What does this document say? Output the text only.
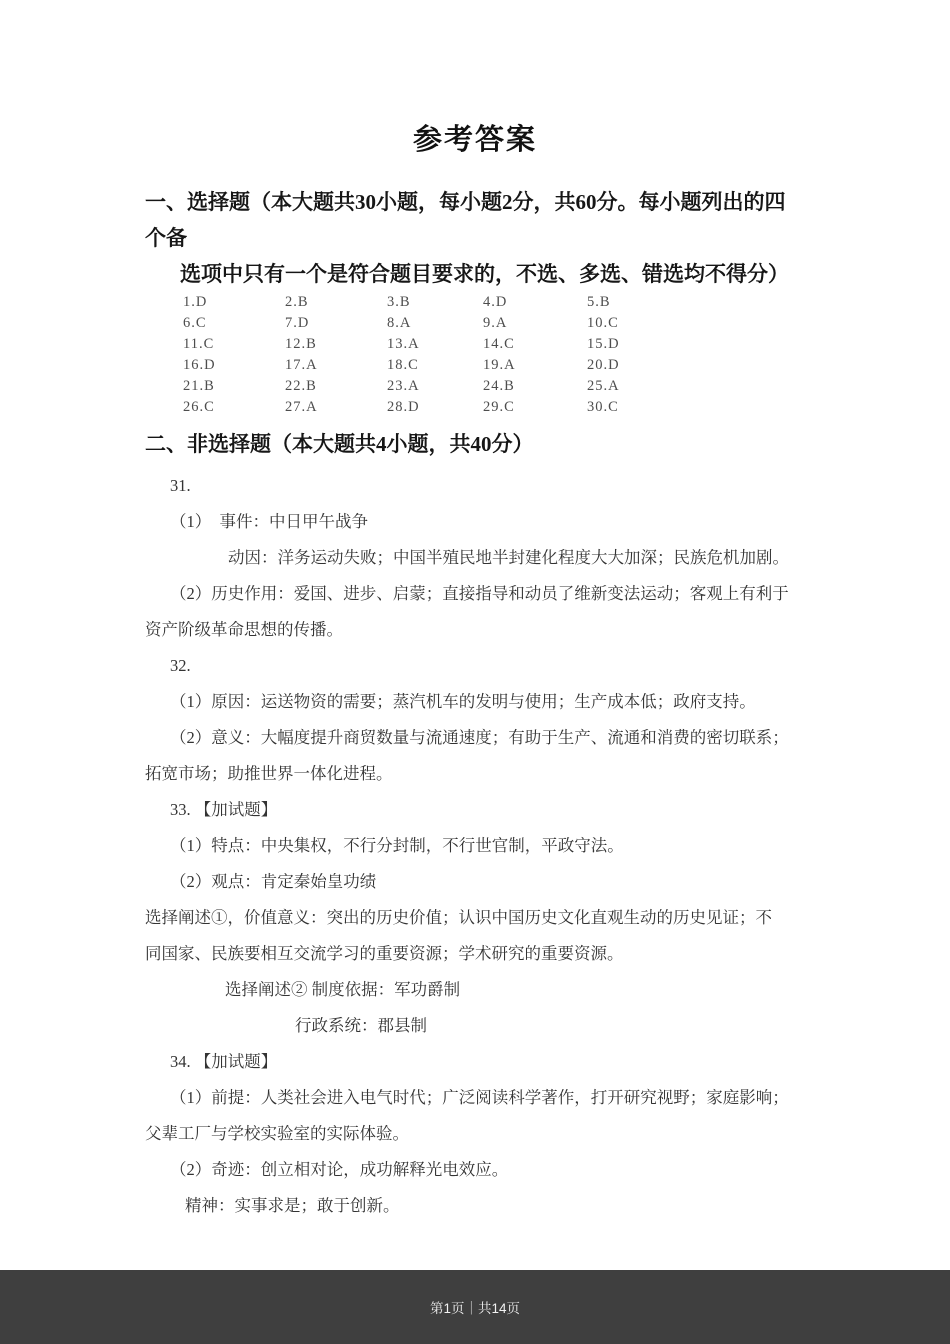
参考答案
一、选择题（本大题共30小题，每小题2分，共60分。每小题列出的四个备
选项中只有一个是符合题目要求的，不选、多选、错选均不得分）
1.D	2.B	3.B	4.D	5.B
6.C	7.D	8.A	9.A	10.C
11.C	12.B	13.A	14.C	15.D
16.D	17.A	18.C	19.A	20.D
21.B	22.B	23.A	24.B	25.A
26.C	27.A	28.D	29.C	30.C
二、非选择题（本大题共4小题，共40分）
31.
（1）　事件：中日甲午战争
动因：洋务运动失败；中国半殖民地半封建化程度大大加深；民族危机加剧。
（2）历史作用：爱国、进步、启蒙；直接指导和动员了维新变法运动；客观上有利于
资产阶级革命思想的传播。
32.
（1）原因：运送物资的需要；蒸汽机车的发明与使用；生产成本低；政府支持。
（2）意义：大幅度提升商贸数量与流通速度；有助于生产、流通和消费的密切联系；
拓宽市场；助推世界一体化进程。
33. 【加试题】
（1）特点：中央集权，不行分封制，不行世官制，平政守法。
（2）观点：肯定秦始皇功绩
选择阐述①，价值意义：突出的历史价值；认识中国历史文化直观生动的历史见证；不
同国家、民族要相互交流学习的重要资源；学术研究的重要资源。
选择阐述② 制度依据：军功爵制
行政系统：郡县制
34. 【加试题】
（1）前提：人类社会进入电气时代；广泛阅读科学著作，打开研究视野；家庭影响；
父辈工厂与学校实验室的实际体验。
（2）奇迹：创立相对论，成功解释光电效应。
精神：实事求是；敢于创新。
第1页｜共14页
